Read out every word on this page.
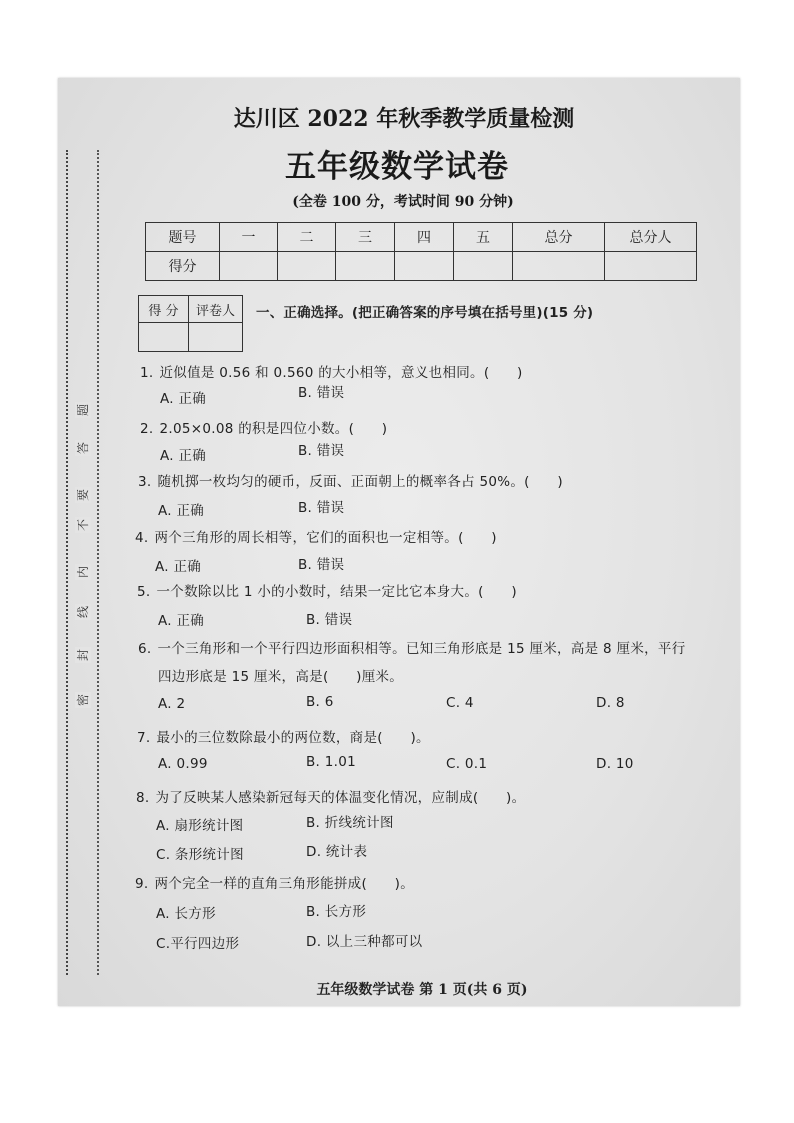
密
封
线
内
不
要
答
题
达川区 2022 年秋季教学质量检测
五年级数学试卷
(全卷 100 分，考试时间 90 分钟)
题号	一	二	三	四	五	总分	总分人
得分							
得 分	评卷人
	一、正确选择。(把正确答案的序号填在括号里)(15 分)
1. 近似值是 0.56 和 0.560 的大小相等，意义也相同。(　　)
A. 正确	B. 错误
2. 2.05×0.08 的积是四位小数。(　　)
A. 正确	B. 错误
3. 随机掷一枚均匀的硬币，反面、正面朝上的概率各占 50%。(　　)
A. 正确	B. 错误
4. 两个三角形的周长相等，它们的面积也一定相等。(　　)
A. 正确	B. 错误
5. 一个数除以比 1 小的小数时，结果一定比它本身大。(　　)
A. 正确	B. 错误
6. 一个三角形和一个平行四边形面积相等。已知三角形底是 15 厘米，高是 8 厘米，平行
四边形底是 15 厘米，高是(　　)厘米。
A. 2	B. 6	C. 4	D. 8
7. 最小的三位数除最小的两位数，商是(　　)。
A. 0.99	B. 1.01	C. 0.1	D. 10
8. 为了反映某人感染新冠每天的体温变化情况，应制成(　　)。
A. 扇形统计图	B. 折线统计图
C. 条形统计图	D. 统计表
9. 两个完全一样的直角三角形能拼成(　　)。
A. 长方形	B. 长方形
C.平行四边形	D. 以上三种都可以
五年级数学试卷 第 1 页(共 6 页)
